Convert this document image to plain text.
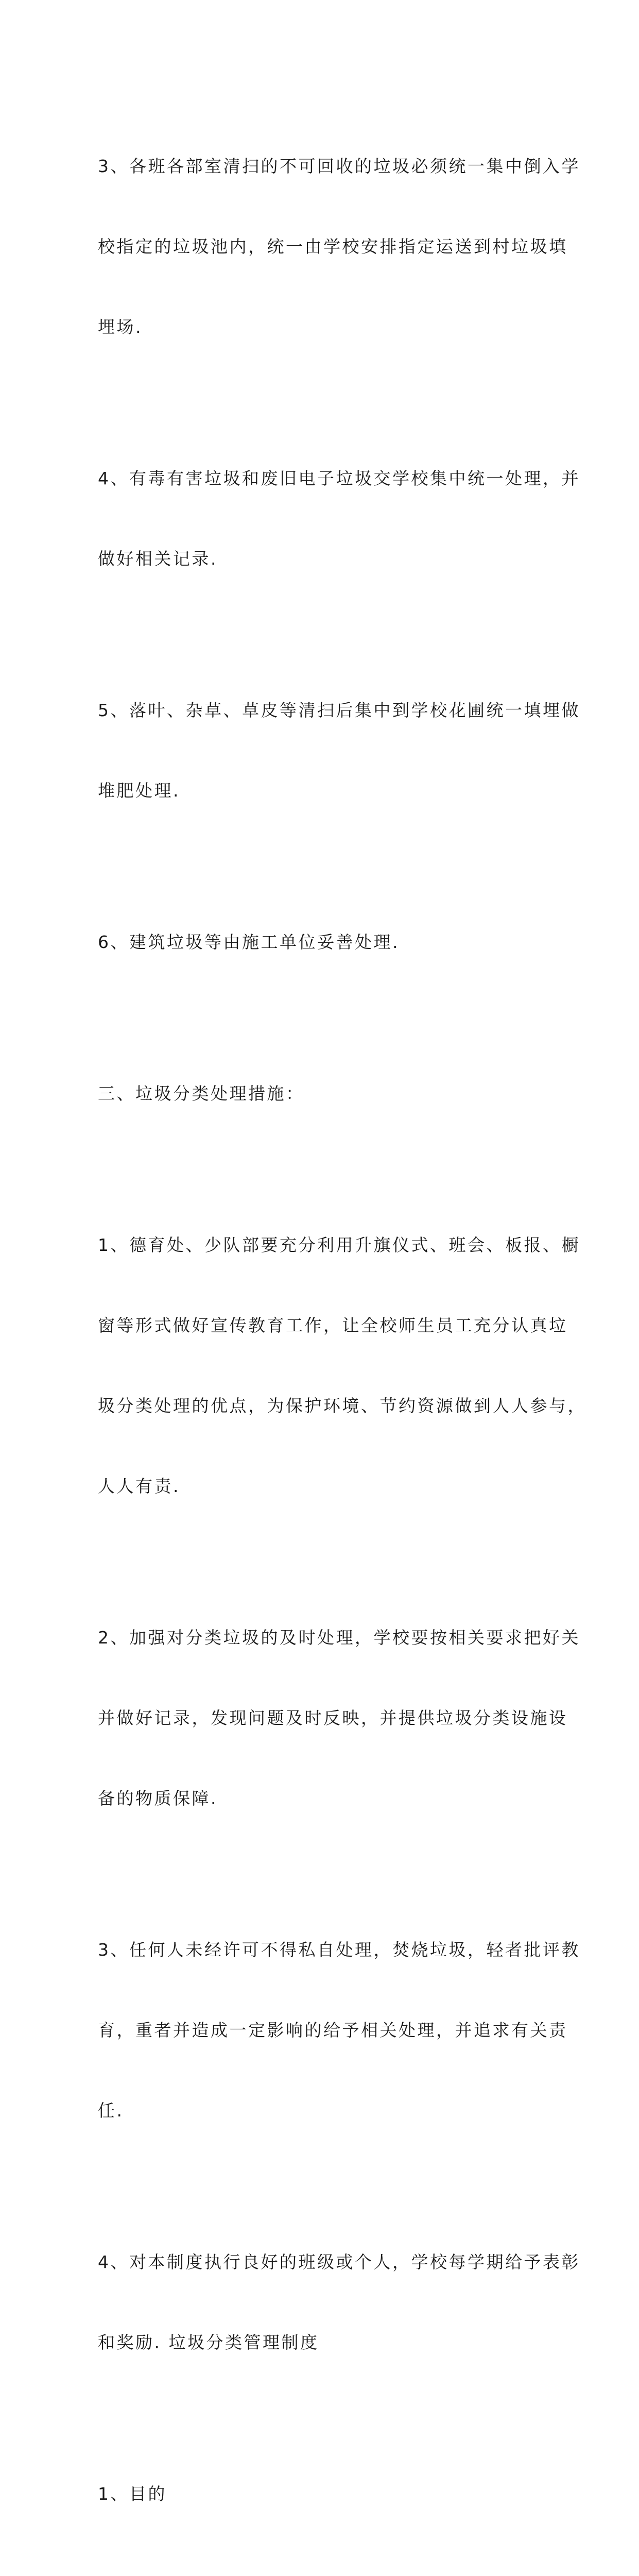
3、各班各部室清扫的不可回收的垃圾必须统一集中倒入学

校指定的垃圾池内，统一由学校安排指定运送到村垃圾填

埋场.

4、有毒有害垃圾和废旧电子垃圾交学校集中统一处理，并

做好相关记录.

5、落叶、杂草、草皮等清扫后集中到学校花圃统一填埋做

堆肥处理.

6、建筑垃圾等由施工单位妥善处理.

三、垃圾分类处理措施：

1、德育处、少队部要充分利用升旗仪式、班会、板报、橱

窗等形式做好宣传教育工作，让全校师生员工充分认真垃

圾分类处理的优点，为保护环境、节约资源做到人人参与，

人人有责.

2、加强对分类垃圾的及时处理，学校要按相关要求把好关

并做好记录，发现问题及时反映，并提供垃圾分类设施设

备的物质保障.

3、任何人未经许可不得私自处理，焚烧垃圾，轻者批评教

育，重者并造成一定影响的给予相关处理，并追求有关责

任.

4、对本制度执行良好的班级或个人，学校每学期给予表彰

和奖励. 垃圾分类管理制度

1、目的
